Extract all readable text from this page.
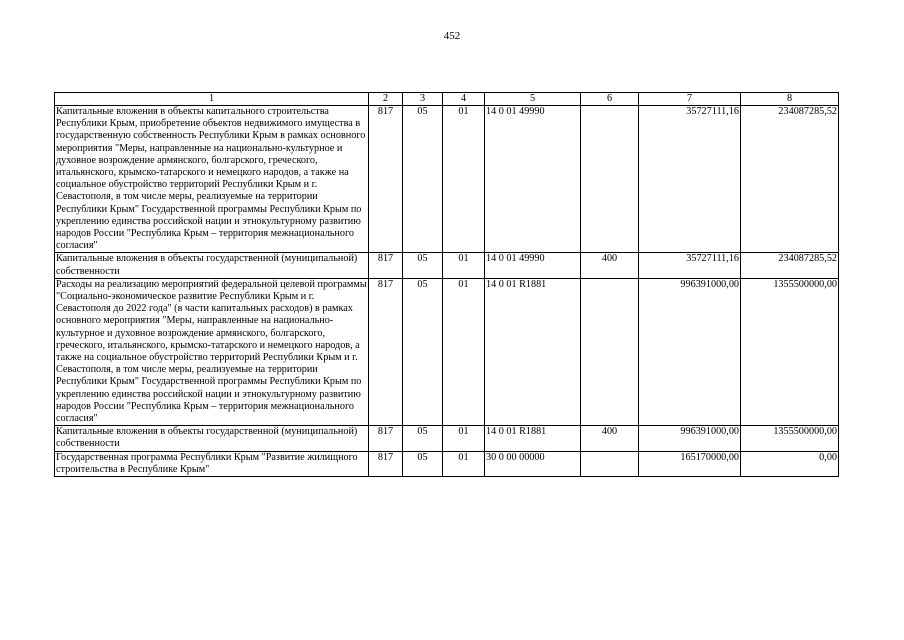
452
1	2	3	4	5	6	7	8
Капитальные вложения в объекты капитального строительства Республики Крым, приобретение объектов недвижимого имущества в государственную собственность Республики Крым в рамках основного мероприятия "Меры, направленные на национально-культурное и духовное возрождение армянского, болгарского, греческого, итальянского, крымско-татарского и немецкого народов, а также на социальное обустройство территорий Республики Крым и г. Севастополя, в том числе меры, реализуемые на территории Республики Крым" Государственной программы Республики Крым по укреплению единства российской нации и этнокультурному развитию народов России "Республика Крым – территория межнационального согласия"	817	05	01	14 0 01 49990		35727111,16	234087285,52
Капитальные вложения в объекты государственной (муниципальной) собственности	817	05	01	14 0 01 49990	400	35727111,16	234087285,52
Расходы на реализацию мероприятий федеральной целевой программы "Социально-экономическое развитие Республики Крым и г. Севастополя до 2022 года" (в части капитальных расходов) в рамках основного мероприятия "Меры, направленные на национально-культурное и духовное возрождение армянского, болгарского, греческого, итальянского, крымско-татарского и немецкого народов, а также на социальное обустройство территорий Республики Крым и г. Севастополя, в том числе меры, реализуемые на территории Республики Крым" Государственной программы Республики Крым по укреплению единства российской нации и этнокультурному развитию народов России "Республика Крым – территория межнационального согласия"	817	05	01	14 0 01 R1881		996391000,00	1355500000,00
Капитальные вложения в объекты государственной (муниципальной) собственности	817	05	01	14 0 01 R1881	400	996391000,00	1355500000,00
Государственная программа Республики Крым "Развитие жилищного строительства в Республике Крым"	817	05	01	30 0 00 00000		165170000,00	0,00
